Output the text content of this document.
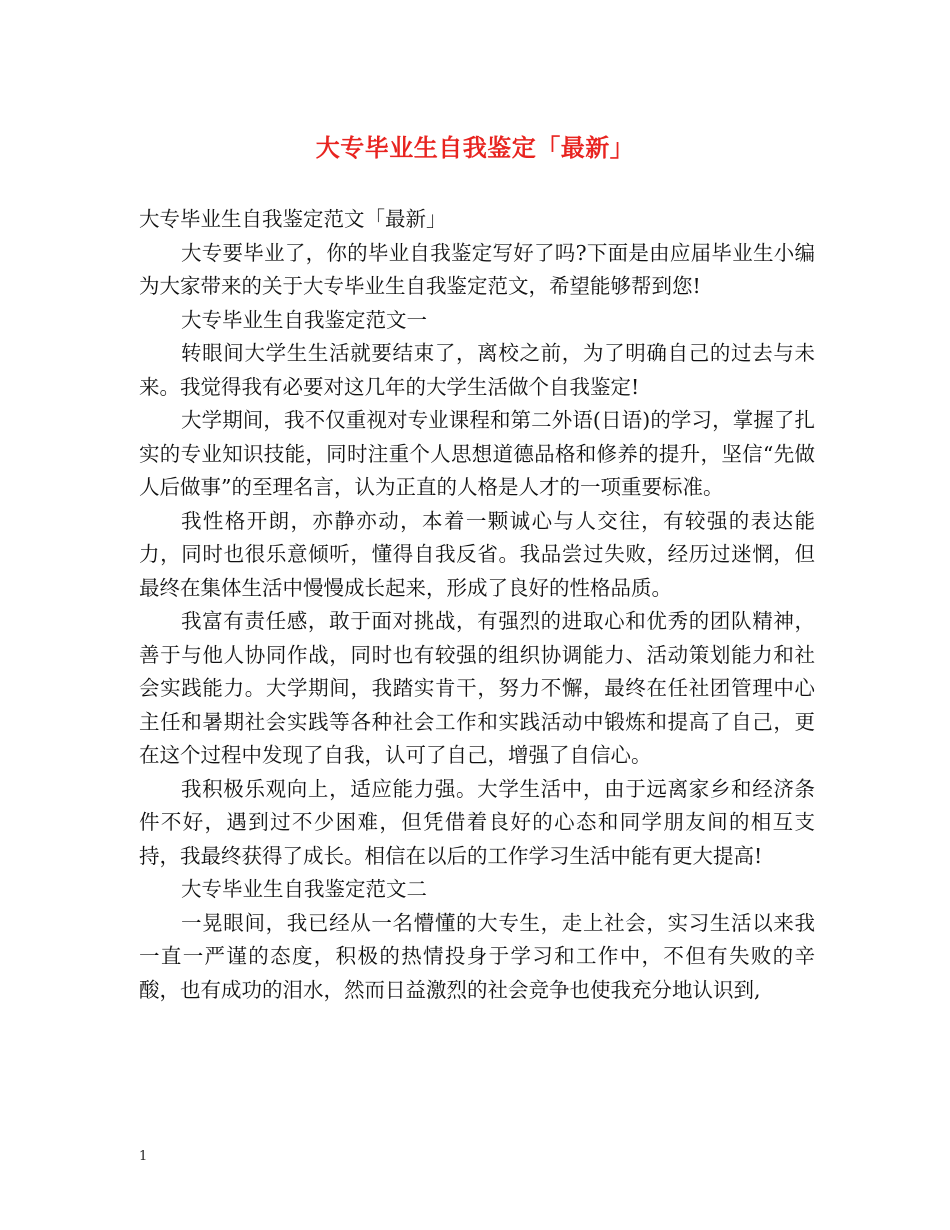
大专毕业生自我鉴定「最新」

大专毕业生自我鉴定范文「最新」

大专要毕业了，你的毕业自我鉴定写好了吗?下面是由应届毕业生小编为大家带来的关于大专毕业生自我鉴定范文，希望能够帮到您!

大专毕业生自我鉴定范文一

转眼间大学生生活就要结束了，离校之前，为了明确自己的过去与未来。我觉得我有必要对这几年的大学生活做个自我鉴定!

大学期间，我不仅重视对专业课程和第二外语(日语)的学习，掌握了扎实的专业知识技能，同时注重个人思想道德品格和修养的提升，坚信“先做人后做事”的至理名言，认为正直的人格是人才的一项重要标准。

我性格开朗，亦静亦动，本着一颗诚心与人交往，有较强的表达能力，同时也很乐意倾听，懂得自我反省。我品尝过失败，经历过迷惘，但最终在集体生活中慢慢成长起来，形成了良好的性格品质。

我富有责任感，敢于面对挑战，有强烈的进取心和优秀的团队精神，善于与他人协同作战，同时也有较强的组织协调能力、活动策划能力和社会实践能力。大学期间，我踏实肯干，努力不懈，最终在任社团管理中心主任和暑期社会实践等各种社会工作和实践活动中锻炼和提高了自己，更在这个过程中发现了自我，认可了自己，增强了自信心。

我积极乐观向上，适应能力强。大学生活中，由于远离家乡和经济条件不好，遇到过不少困难，但凭借着良好的心态和同学朋友间的相互支持，我最终获得了成长。相信在以后的工作学习生活中能有更大提高!

大专毕业生自我鉴定范文二

一晃眼间，我已经从一名懵懂的大专生，走上社会，实习生活以来我一直一严谨的态度，积极的热情投身于学习和工作中，不但有失败的辛酸，也有成功的泪水，然而日益激烈的社会竞争也使我充分地认识到,

1
